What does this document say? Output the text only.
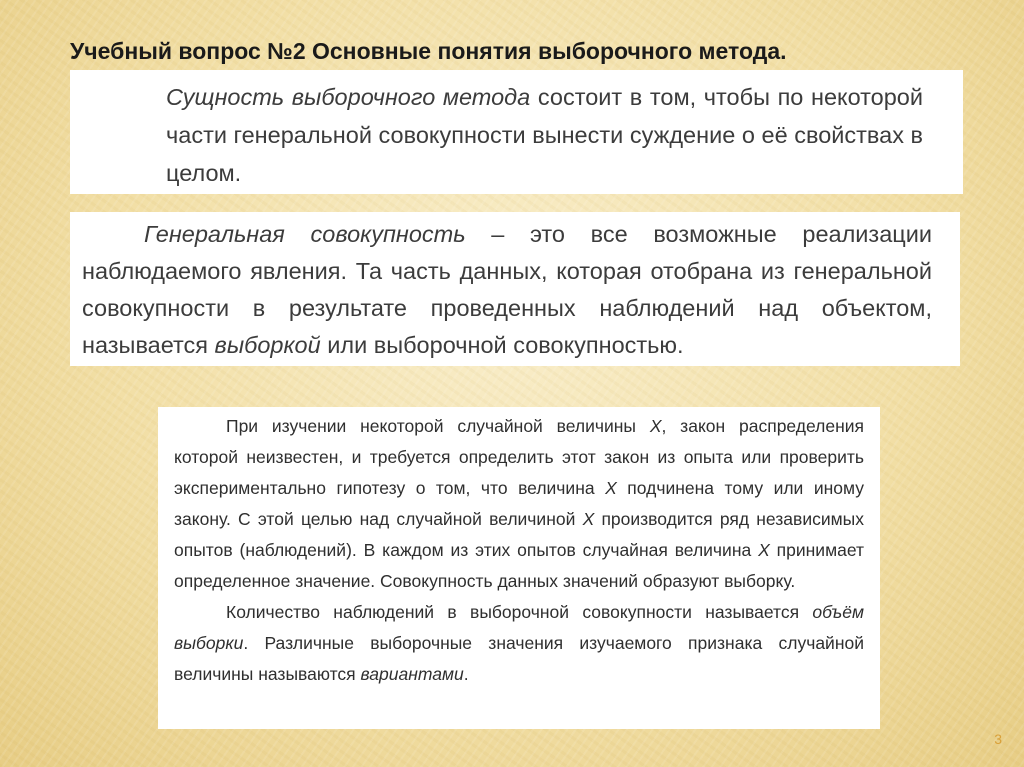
Учебный вопрос №2 Основные понятия выборочного метода.

Сущность выборочного метода состоит в том, чтобы по некоторой части генеральной совокупности вынести суждение о её свойствах в целом.

Генеральная совокупность – это все возможные реализации наблюдаемого явления. Та часть данных, которая отобрана из генеральной совокупности в результате проведенных наблюдений над объектом, называется выборкой или выборочной совокупностью.

При изучении некоторой случайной величины X, закон распределения которой неизвестен, и требуется определить этот закон из опыта или проверить экспериментально гипотезу о том, что величина X подчинена тому или иному закону. С этой целью над случайной величиной X производится ряд независимых опытов (наблюдений). В каждом из этих опытов случайная величина X принимает определенное значение. Совокупность данных значений образуют выборку.

Количество наблюдений в выборочной совокупности называется объём выборки. Различные выборочные значения изучаемого признака случайной величины называются вариантами.

3
